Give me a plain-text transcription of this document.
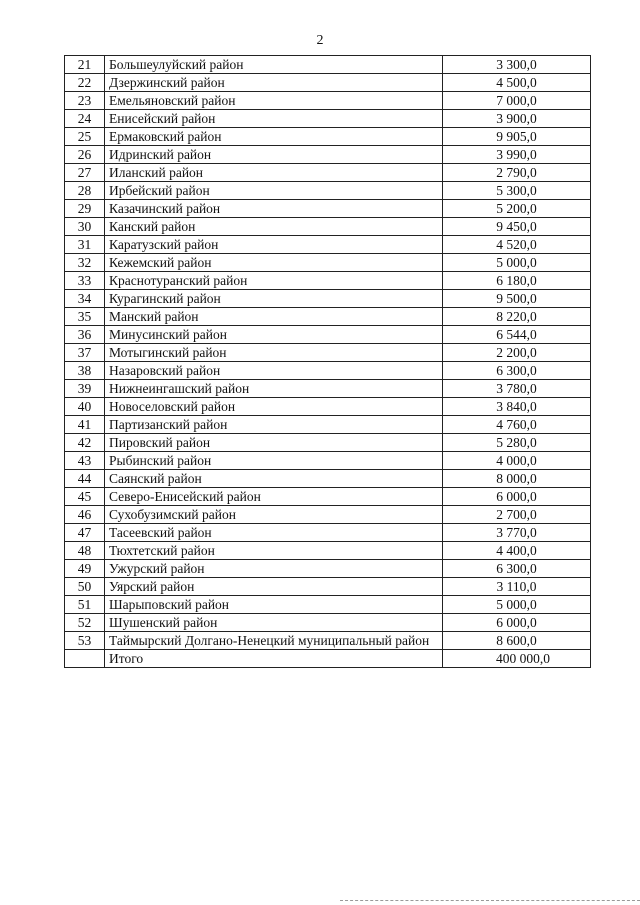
2
21	Большеулуйский район	3 300,0
22	Дзержинский район	4 500,0
23	Емельяновский район	7 000,0
24	Енисейский район	3 900,0
25	Ермаковский район	9 905,0
26	Идринский район	3 990,0
27	Иланский район	2 790,0
28	Ирбейский район	5 300,0
29	Казачинский район	5 200,0
30	Канский район	9 450,0
31	Каратузский район	4 520,0
32	Кежемский район	5 000,0
33	Краснотуранский район	6 180,0
34	Курагинский район	9 500,0
35	Манский район	8 220,0
36	Минусинский район	6 544,0
37	Мотыгинский район	2 200,0
38	Назаровский район	6 300,0
39	Нижнеингашский район	3 780,0
40	Новоселовский район	3 840,0
41	Партизанский район	4 760,0
42	Пировский район	5 280,0
43	Рыбинский район	4 000,0
44	Саянский район	8 000,0
45	Северо-Енисейский район	6 000,0
46	Сухобузимский район	2 700,0
47	Тасеевский район	3 770,0
48	Тюхтетский район	4 400,0
49	Ужурский район	6 300,0
50	Уярский район	3 110,0
51	Шарыповский район	5 000,0
52	Шушенский район	6 000,0
53	Таймырский Долгано-Ненецкий муниципальный район	8 600,0
	Итого	400 000,0
